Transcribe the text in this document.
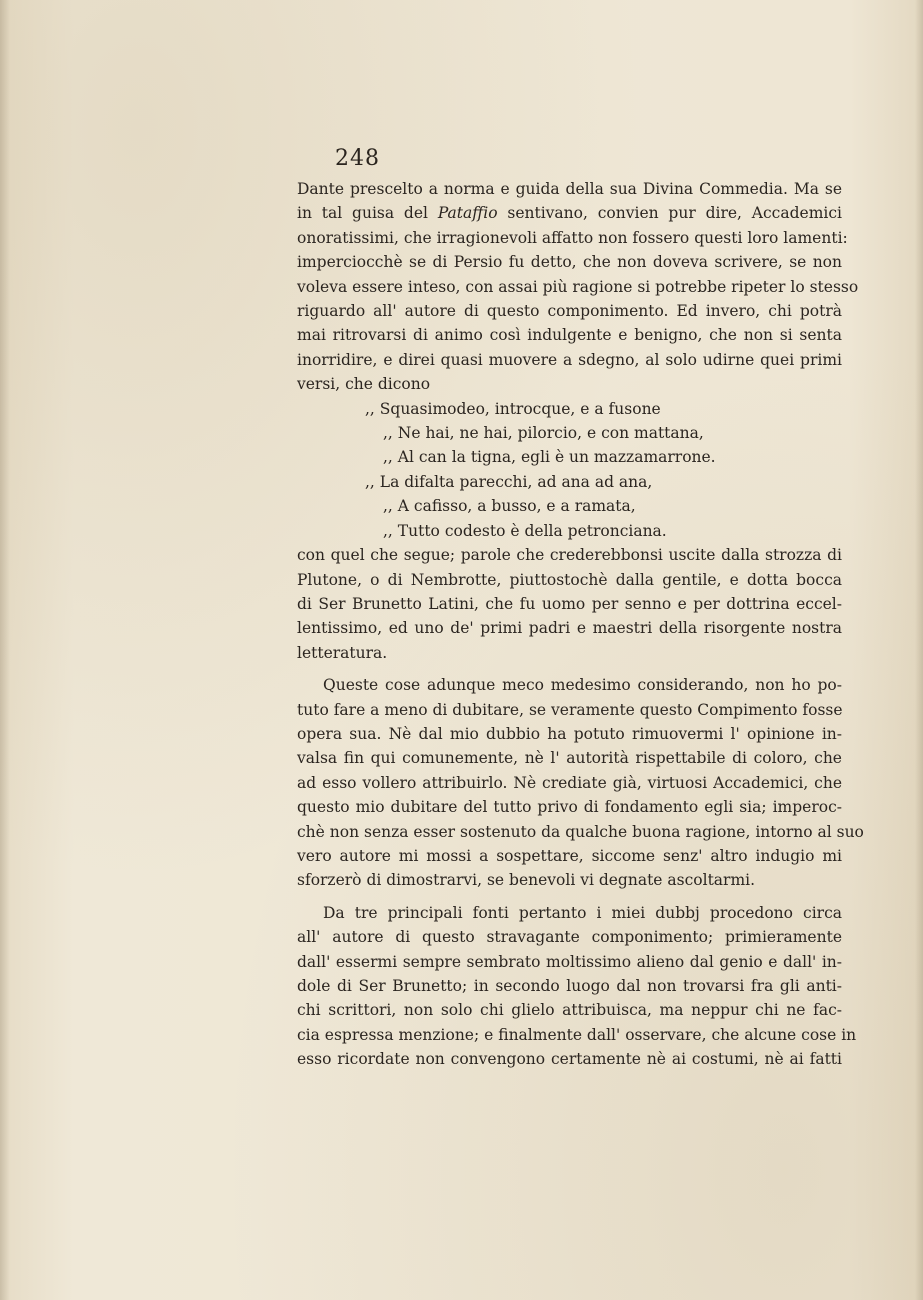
248

Dante prescelto a norma e guida della sua Divina Commedia. Ma se
in tal guisa del Pataffio sentivano, convien pur dire, Accademici
onoratissimi, che irragionevoli affatto non fossero questi loro lamenti:
imperciocchè se di Persio fu detto, che non doveva scrivere, se non
voleva essere inteso, con assai più ragione si potrebbe ripeter lo stesso
riguardo all' autore di questo componimento. Ed invero, chi potrà
mai ritrovarsi di animo così indulgente e benigno, che non si senta
inorridire, e direi quasi muovere a sdegno, al solo udirne quei primi
versi, che dicono

,, Squasimodeo, introcque, e a fusone
,, Ne hai, ne hai, pilorcio, e con mattana,
,, Al can la tigna, egli è un mazzamarrone.
,, La difalta parecchi, ad ana ad ana,
,, A cafisso, a busso, e a ramata,
,, Tutto codesto è della petronciana.

con quel che segue; parole che crederebbonsi uscite dalla strozza di
Plutone, o di Nembrotte, piuttostochè dalla gentile, e dotta bocca
di Ser Brunetto Latini, che fu uomo per senno e per dottrina eccel-
lentissimo, ed uno de' primi padri e maestri della risorgente nostra
letteratura.

Queste cose adunque meco medesimo considerando, non ho po-
tuto fare a meno di dubitare, se veramente questo Compimento fosse
opera sua. Nè dal mio dubbio ha potuto rimuovermi l' opinione in-
valsa fin qui comunemente, nè l' autorità rispettabile di coloro, che
ad esso vollero attribuirlo. Nè crediate già, virtuosi Accademici, che
questo mio dubitare del tutto privo di fondamento egli sia; imperoc-
chè non senza esser sostenuto da qualche buona ragione, intorno al suo
vero autore mi mossi a sospettare, siccome senz' altro indugio mi
sforzerò di dimostrarvi, se benevoli vi degnate ascoltarmi.

Da tre principali fonti pertanto i miei dubbj procedono circa
all' autore di questo stravagante componimento; primieramente
dall' essermi sempre sembrato moltissimo alieno dal genio e dall' in-
dole di Ser Brunetto; in secondo luogo dal non trovarsi fra gli anti-
chi scrittori, non solo chi glielo attribuisca, ma neppur chi ne fac-
cia espressa menzione; e finalmente dall' osservare, che alcune cose in
esso ricordate non convengono certamente nè ai costumi, nè ai fatti
